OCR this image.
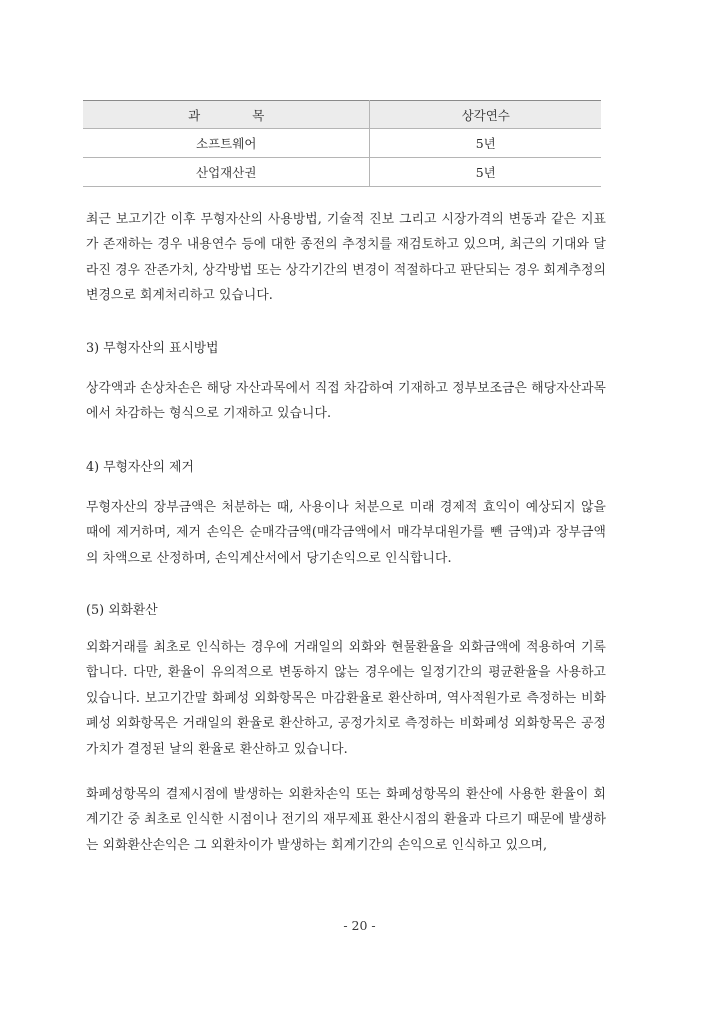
과 목	상각연수
소프트웨어	5년
산업재산권	5년

최근 보고기간 이후 무형자산의 사용방법, 기술적 진보 그리고 시장가격의 변동과 같은 지표가 존재하는 경우 내용연수 등에 대한 종전의 추정치를 재검토하고 있으며, 최근의 기대와 달라진 경우 잔존가치, 상각방법 또는 상각기간의 변경이 적절하다고 판단되는 경우 회계추정의 변경으로 회계처리하고 있습니다.

3) 무형자산의 표시방법

상각액과 손상차손은 해당 자산과목에서 직접 차감하여 기재하고 정부보조금은 해당자산과목에서 차감하는 형식으로 기재하고 있습니다.

4) 무형자산의 제거

무형자산의 장부금액은 처분하는 때, 사용이나 처분으로 미래 경제적 효익이 예상되지 않을 때에 제거하며, 제거 손익은 순매각금액(매각금액에서 매각부대원가를 뺀 금액)과 장부금액의 차액으로 산정하며, 손익계산서에서 당기손익으로 인식합니다.

(5) 외화환산

외화거래를 최초로 인식하는 경우에 거래일의 외화와 현물환율을 외화금액에 적용하여 기록합니다. 다만, 환율이 유의적으로 변동하지 않는 경우에는 일정기간의 평균환율을 사용하고 있습니다. 보고기간말 화폐성 외화항목은 마감환율로 환산하며, 역사적원가로 측정하는 비화폐성 외화항목은 거래일의 환율로 환산하고, 공정가치로 측정하는 비화폐성 외화항목은 공정가치가 결정된 날의 환율로 환산하고 있습니다.

화폐성항목의 결제시점에 발생하는 외환차손익 또는 화폐성항목의 환산에 사용한 환율이 회계기간 중 최초로 인식한 시점이나 전기의 재무제표 환산시점의 환율과 다르기 때문에 발생하는 외화환산손익은 그 외환차이가 발생하는 회계기간의 손익으로 인식하고 있으며,

- 20 -
